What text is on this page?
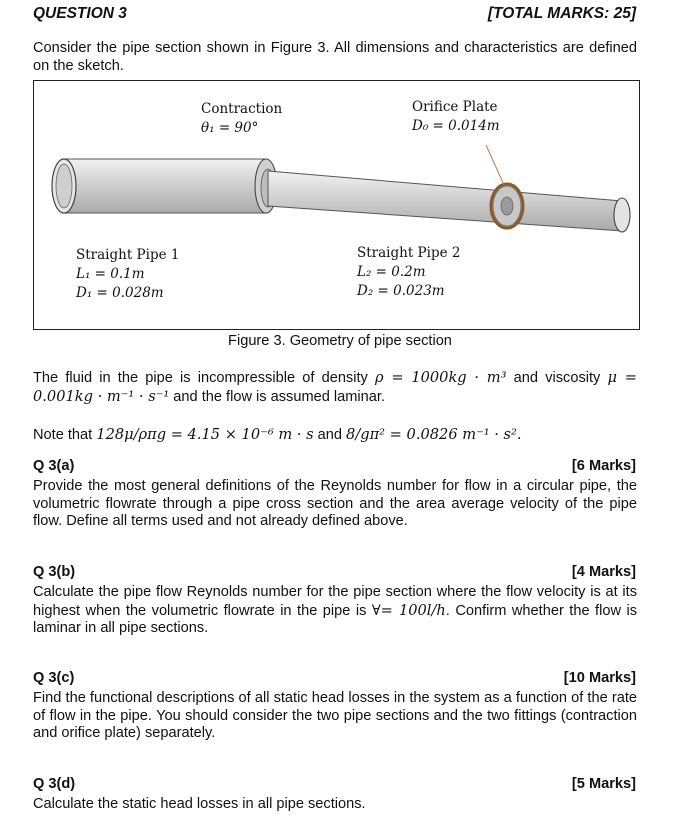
QUESTION 3	[TOTAL MARKS: 25]
Consider the pipe section shown in Figure 3. All dimensions and characteristics are defined on the sketch.
Contraction
θ₁ = 90°
Orifice Plate
D₀ = 0.014m
Straight Pipe 1
L₁ = 0.1m
D₁ = 0.028m
Straight Pipe 2
L₂ = 0.2m
D₂ = 0.023m
Figure 3. Geometry of pipe section
The fluid in the pipe is incompressible of density ρ = 1000kg · m³ and viscosity μ = 0.001kg · m⁻¹ · s⁻¹ and the flow is assumed laminar.
Note that 128μ/ρπg = 4.15 × 10⁻⁶ m · s and 8/gπ² = 0.0826 m⁻¹ · s².
Q 3(a)	[6 Marks]
Provide the most general definitions of the Reynolds number for flow in a circular pipe, the volumetric flowrate through a pipe cross section and the area average velocity of the pipe flow. Define all terms used and not already defined above.
Q 3(b)	[4 Marks]
Calculate the pipe flow Reynolds number for the pipe section where the flow velocity is at its highest when the volumetric flowrate in the pipe is ∀= 100l/h. Confirm whether the flow is laminar in all pipe sections.
Q 3(c)	[10 Marks]
Find the functional descriptions of all static head losses in the system as a function of the rate of flow in the pipe. You should consider the two pipe sections and the two fittings (contraction and orifice plate) separately.
Q 3(d)	[5 Marks]
Calculate the static head losses in all pipe sections.
